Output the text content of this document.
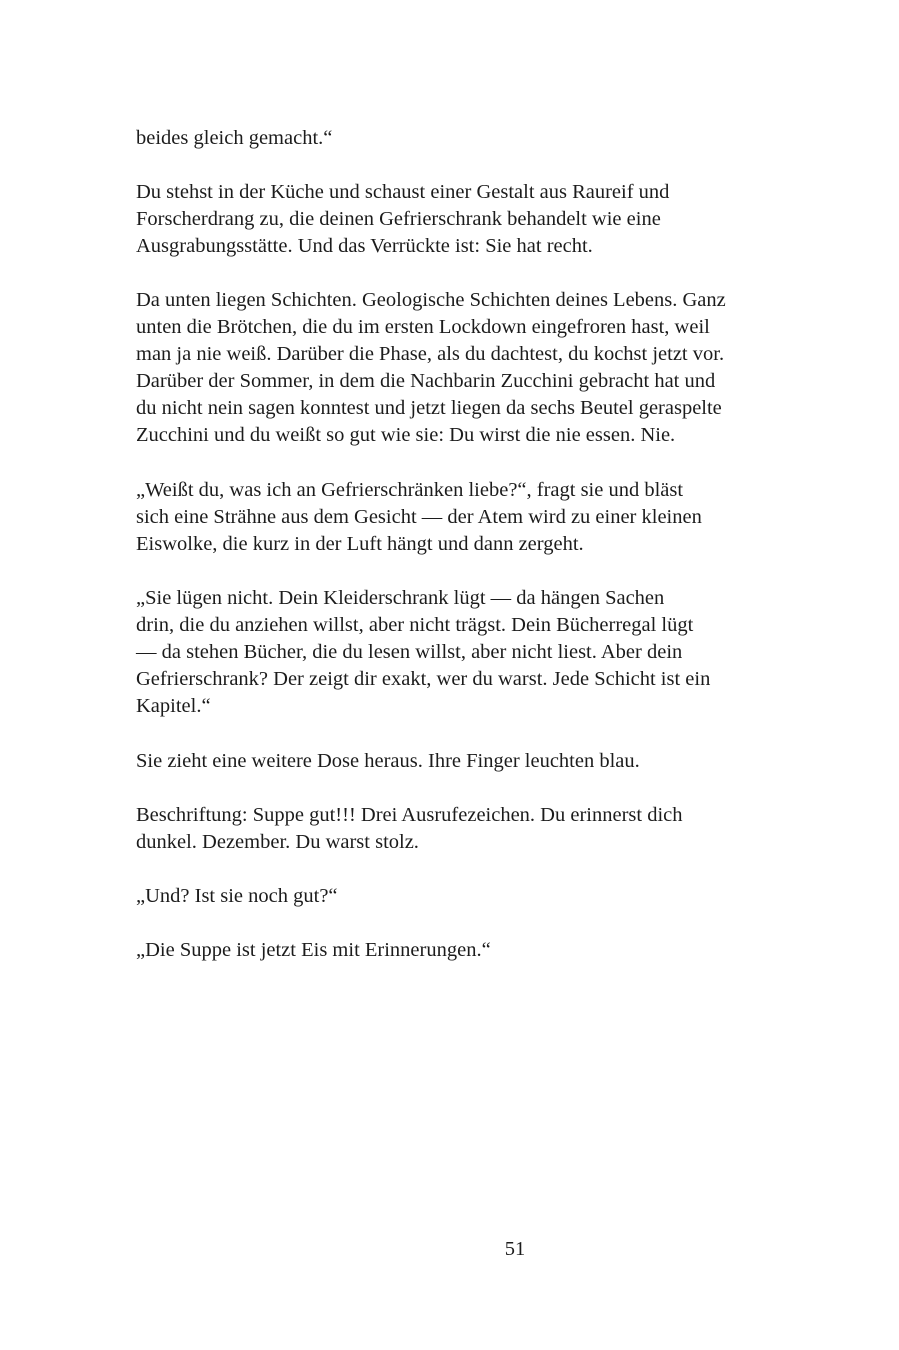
beides gleich gemacht.“
Du stehst in der Küche und schaust einer Gestalt aus Raureif und
Forscherdrang zu, die deinen Gefrierschrank behandelt wie eine
Ausgrabungsstätte. Und das Verrückte ist: Sie hat recht.
Da unten liegen Schichten. Geologische Schichten deines Lebens. Ganz
unten die Brötchen, die du im ersten Lockdown eingefroren hast, weil
man ja nie weiß. Darüber die Phase, als du dachtest, du kochst jetzt vor.
Darüber der Sommer, in dem die Nachbarin Zucchini gebracht hat und
du nicht nein sagen konntest und jetzt liegen da sechs Beutel geraspelte
Zucchini und du weißt so gut wie sie: Du wirst die nie essen. Nie.
„Weißt du, was ich an Gefrierschränken liebe?“, fragt sie und bläst
sich eine Strähne aus dem Gesicht — der Atem wird zu einer kleinen
Eiswolke, die kurz in der Luft hängt und dann zergeht.
„Sie lügen nicht. Dein Kleiderschrank lügt — da hängen Sachen
drin, die du anziehen willst, aber nicht trägst. Dein Bücherregal lügt
— da stehen Bücher, die du lesen willst, aber nicht liest. Aber dein
Gefrierschrank? Der zeigt dir exakt, wer du warst. Jede Schicht ist ein
Kapitel.“
Sie zieht eine weitere Dose heraus. Ihre Finger leuchten blau.
Beschriftung: Suppe gut!!! Drei Ausrufezeichen. Du erinnerst dich
dunkel. Dezember. Du warst stolz.
„Und? Ist sie noch gut?“
„Die Suppe ist jetzt Eis mit Erinnerungen.“
51
